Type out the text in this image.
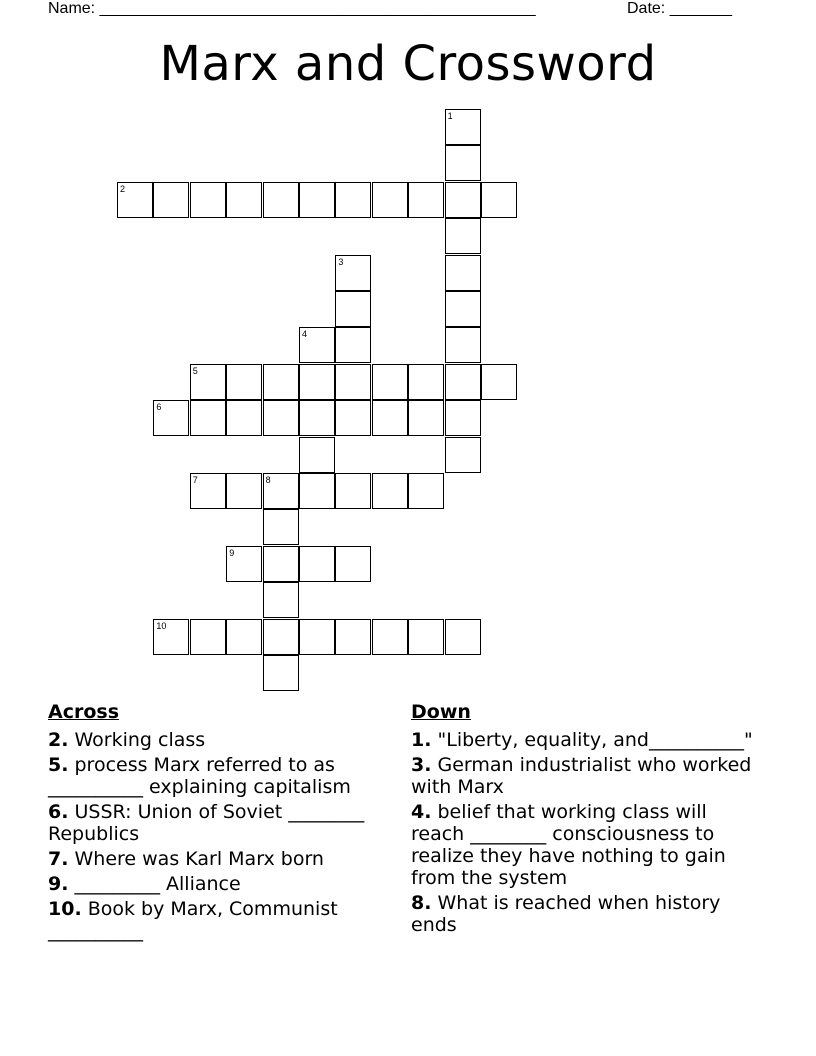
Name: _________________________________________________	Date: _______
Marx and Crossword
1
2
3
4
5
6
7	8
9
10
Across
2. Working class
5. process Marx referred to as __________ explaining capitalism
6. USSR: Union of Soviet ________ Republics
7. Where was Karl Marx born
9. _________ Alliance
10. Book by Marx, Communist __________
Down
1. "Liberty, equality, and__________"
3. German industrialist who worked with Marx
4. belief that working class will reach ________ consciousness to realize they have nothing to gain from the system
8. What is reached when history ends
